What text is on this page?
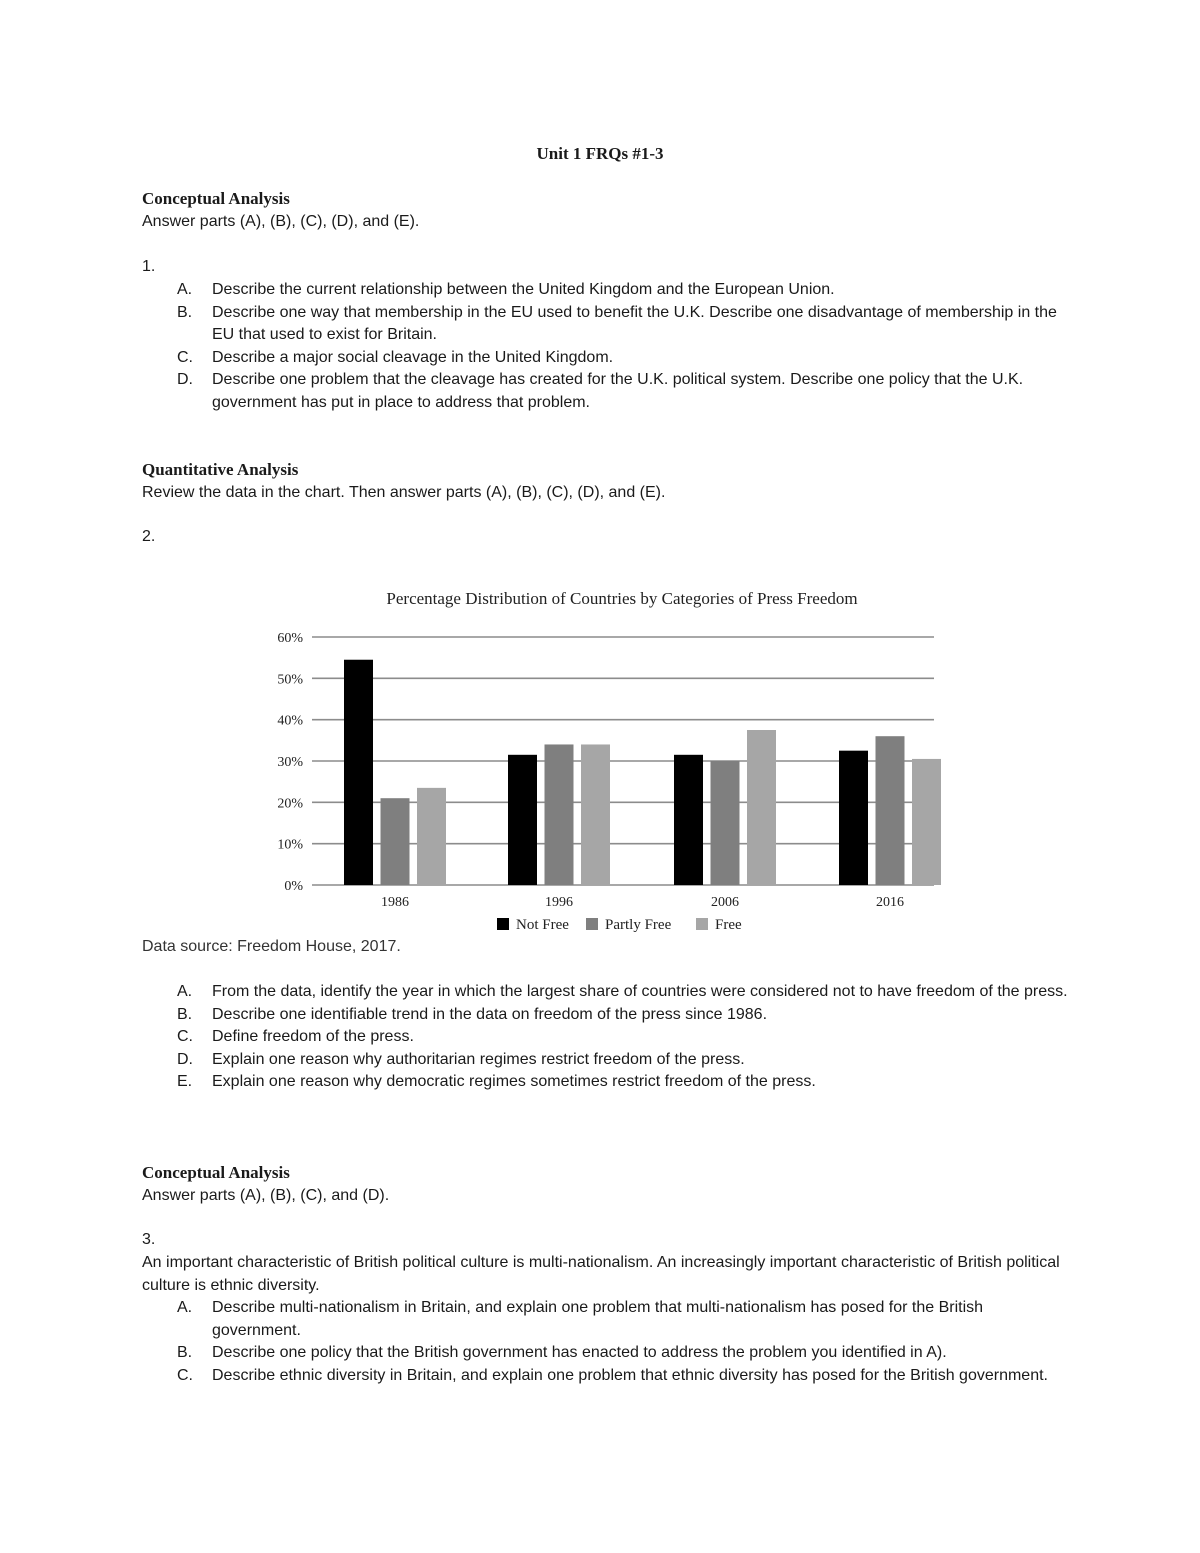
Unit 1 FRQs #1-3
Conceptual Analysis
Answer parts (A), (B), (C), (D), and (E).
1.
A. Describe the current relationship between the United Kingdom and the European Union.
B. Describe one way that membership in the EU used to benefit the U.K. Describe one disadvantage of membership in the EU that used to exist for Britain.
C. Describe a major social cleavage in the United Kingdom.
D. Describe one problem that the cleavage has created for the U.K. political system. Describe one policy that the U.K. government has put in place to address that problem.
Quantitative Analysis
Review the data in the chart. Then answer parts (A), (B), (C), (D), and (E).
2.
Percentage Distribution of Countries by Categories of Press Freedom
0%
10%
20%
30%
40%
50%
60%
1986	1996	2006	2016
Not Free Partly Free	Free
Data source: Freedom House, 2017.
A. From the data, identify the year in which the largest share of countries were considered not to have freedom of the press.
B. Describe one identifiable trend in the data on freedom of the press since 1986.
C. Define freedom of the press.
D. Explain one reason why authoritarian regimes restrict freedom of the press.
E. Explain one reason why democratic regimes sometimes restrict freedom of the press.
Conceptual Analysis
Answer parts (A), (B), (C), and (D).
3.
An important characteristic of British political culture is multi-nationalism. An increasingly important characteristic of British political culture is ethnic diversity.
A. Describe multi-nationalism in Britain, and explain one problem that multi-nationalism has posed for the British government.
B. Describe one policy that the British government has enacted to address the problem you identified in A).
C. Describe ethnic diversity in Britain, and explain one problem that ethnic diversity has posed for the British government.
